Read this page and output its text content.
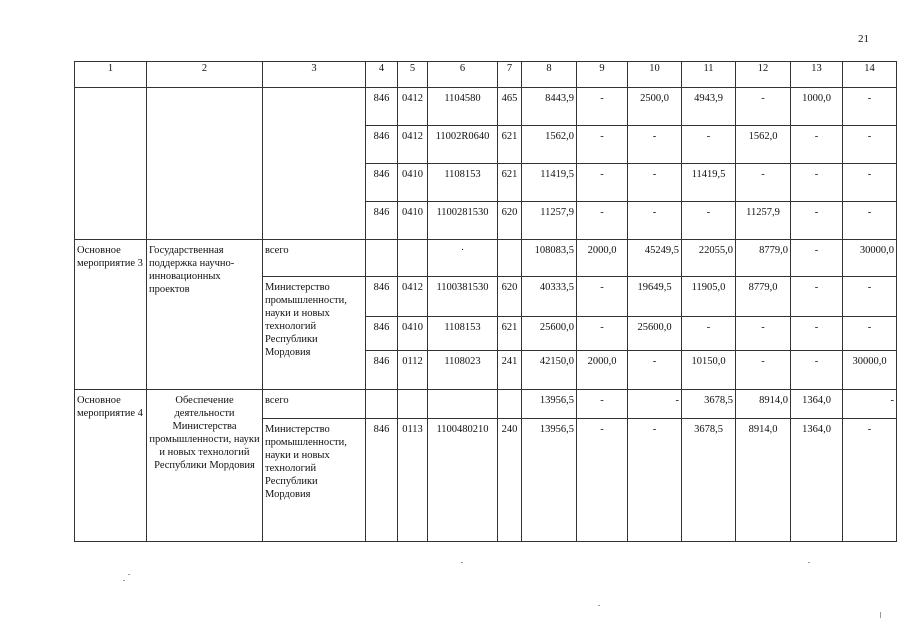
21
1	2	3	4	5	6	7	8	9	10	11	12	13	14
			846	0412	1104580	465	8443,9	-	2500,0	4943,9	-	1000,0	-
			846	0412	11002R0640	621	1562,0	-	-	-	1562,0	-	-
			846	0410	1108153	621	11419,5	-	-	11419,5	-	-	-
			846	0410	1100281530	620	11257,9	-	-	-	11257,9	-	-
Основное мероприятие 3	Государственная поддержка научно-инновационных проектов	всего			·		108083,5	2000,0	45249,5	22055,0	8779,0	-	30000,0
		Министерство промышленности, науки и новых технологий Республики Мордовия	846	0412	1100381530	620	40333,5	-	19649,5	11905,0	8779,0	-	-
			846	0410	1108153	621	25600,0	-	25600,0	-	-	-	-
			846	0112	1108023	241	42150,0	2000,0	-	10150,0	-	-	30000,0
Основное мероприятие 4	Обеспечение деятельности Министерства промышленности, науки и новых технологий Республики Мордовия	всего					13956,5	-	-	3678,5	8914,0	1364,0	-
		Министерство промышленности, науки и новых технологий Республики Мордовия	846	0113	1100480210	240	13956,5	-	-	3678,5	8914,0	1364,0	-
